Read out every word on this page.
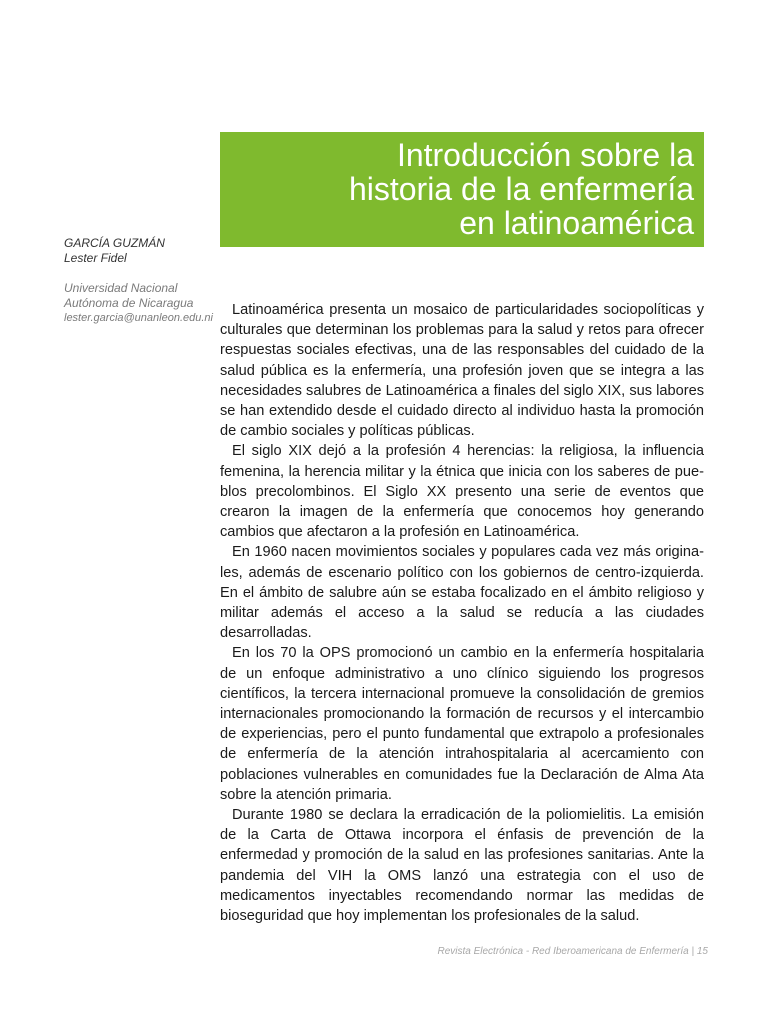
Introducción sobre la
historia de la enfermería
en latinoamérica
GARCÍA GUZMÁN
Lester Fidel
Universidad Nacional
Autónoma de Nicaragua
lester.garcia@unanleon.edu.ni	Latinoamérica presenta un mosaico de particularidades sociopolíticas y culturales que determinan los problemas para la salud y retos para ofrecer respuestas sociales efectivas, una de las responsables del cuidado de la salud pública es la enfermería, una profesión joven que se integra a las necesidades salubres de Latinoamérica a finales del siglo XIX, sus labores se han extendido desde el cuidado directo al individuo hasta la promoción de cambio sociales y políticas públicas.

El siglo XIX dejó a la profesión 4 herencias: la religiosa, la influencia femenina, la herencia militar y la étnica que inicia con los saberes de pueblos precolombinos. El Siglo XX presento una serie de eventos que crearon la imagen de la enfermería que conocemos hoy generando cambios que afectaron a la profesión en Latinoamérica.

En 1960 nacen movimientos sociales y populares cada vez más originales, además de escenario político con los gobiernos de centro-izquierda. En el ámbito de salubre aún se estaba focalizado en el ámbito religioso y militar además el acceso a la salud se reducía a las ciudades desarrolladas.

En los 70 la OPS promocionó un cambio en la enfermería hospitalaria de un enfoque administrativo a uno clínico siguiendo los progresos científicos, la tercera internacional promueve la consolidación de gremios internacionales promocionando la formación de recursos y el intercambio de experiencias, pero el punto fundamental que extrapolo a profesionales de enfermería de la atención intrahospitalaria al acercamiento con poblaciones vulnerables en comunidades fue la Declaración de Alma Ata sobre la atención primaria.

Durante 1980 se declara la erradicación de la poliomielitis. La emisión de la Carta de Ottawa incorpora el énfasis de prevención de la enfermedad y promoción de la salud en las profesiones sanitarias. Ante la pandemia del VIH la OMS lanzó una estrategia con el uso de medicamentos inyectables recomendando normar las medidas de bioseguridad que hoy implementan los profesionales de la salud.

Revista Electrónica - Red Iberoamericana de Enfermería | 15
